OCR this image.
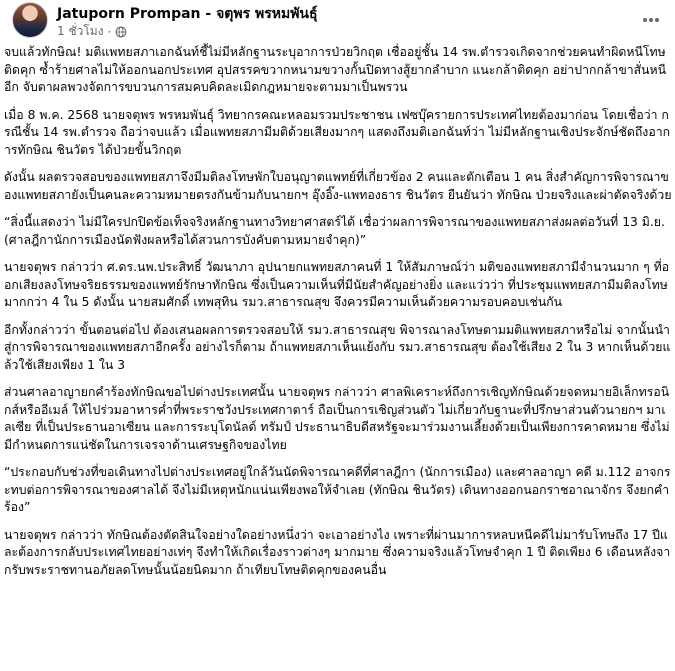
Jatuporn Prompan - จตุพร พรหมพันธุ์
1 ชั่วโมง ·

จบแล้วทักษิณ! มติแพทยสภาเอกฉันท์ชี้ไม่มีหลักฐานระบุอาการป่วยวิกฤต เชื่ออยู่ชั้น 14 รพ.ตำรวจเกิดจากช่วยคนทำผิดหนีโทษติดคุก ซ้ำร้ายศาลไม่ให้ออกนอกประเทศ อุปสรรคขวากหนามขวางกั้นปิดทางสู้ยากลำบาก แนะกล้าติดคุก อย่าปากกล้าขาสั่นหนีอีก จับตาผลพวงจัดการขบวนการสมคบคิดละเมิดกฎหมายจะตามมาเป็นพรวน

เมื่อ 8 พ.ค. 2568 นายจตุพร พรหมพันธุ์ วิทยากรคณะหลอมรวมประชาชน เฟซบุ๊ครายการประเทศไทยต้องมาก่อน โดยเชื่อว่า กรณีชั้น 14 รพ.ตำรวจ ถือว่าจบแล้ว เมื่อแพทยสภามีมติด้วยเสียงมากๆ แสดงถึงมติเอกฉันท์ว่า ไม่มีหลักฐานเชิงประจักษ์ชัดถึงอาการทักษิณ ชินวัตร ได้ป่วยขั้นวิกฤต

ดังนั้น ผลตรวจสอบของแพทยสภาจึงมีมติลงโทษพักใบอนุญาตแพทย์ที่เกี่ยวข้อง 2 คนและตักเตือน 1 คน สิ่งสำคัญการพิจารณาของแพทยสภายังเป็นคนละความหมายตรงกันข้ามกับนายกฯ อุ๊งอิ๊ง-แพทองธาร ชินวัตร ยืนยันว่า ทักษิณ ป่วยจริงและผ่าตัดจริงด้วย

“สิ่งนี้แสดงว่า ไม่มีใครปกปิดข้อเท็จจริงหลักฐานทางวิทยาศาสตร์ได้ เชื่อว่าผลการพิจารณาของแพทยสภาส่งผลต่อวันที่ 13 มิ.ย. (ศาลฎีกานักการเมืองนัดฟังผลหรือได้สวนการบังคับตามหมายจำคุก)”

นายจตุพร กล่าวว่า ศ.ดร.นพ.ประสิทธิ์ วัฒนาภา อุปนายกแพทยสภาคนที่ 1 ให้สัมภาษณ์ว่า มติของแพทยสภามีจำนวนมาก ๆ ที่ออกเสียงลงโทษจริยธรรมของแพทย์รักษาทักษิณ ซึ่งเป็นความเห็นที่มีนัยสำคัญอย่างยิ่ง และแว่วว่า ที่ประชุมแพทยสภามีมติลงโทษมากกว่า 4 ใน 5 ดังนั้น นายสมศักดิ์ เทพสุทิน รมว.สาธารณสุข จึงควรมีความเห็นด้วยความรอบคอบเช่นกัน

อีกทั้งกล่าวว่า ขั้นตอนต่อไป ต้องเสนอผลการตรวจสอบให้ รมว.สาธารณสุข พิจารณาลงโทษตามมติแพทยสภาหรือไม่ จากนั้นนำสู่การพิจารณาของแพทยสภาอีกครั้ง อย่างไรก็ตาม ถ้าแพทยสภาเห็นแย้งกับ รมว.สาธารณสุข ต้องใช้เสียง 2 ใน 3 หากเห็นด้วยแล้วใช้เสียงเพียง 1 ใน 3

ส่วนศาลอาญายกคำร้องทักษิณขอไปต่างประเทศนั้น นายจตุพร กล่าวว่า ศาลพิเคราะห์ถึงการเชิญทักษิณด้วยจดหมายอิเล็กทรอนิกส์หรืออีเมล์ ให้ไปร่วมอาหารค่ำที่พระราชวังประเทศกาตาร์ ถือเป็นการเชิญส่วนตัว ไม่เกี่ยวกับฐานะที่ปรึกษาส่วนตัวนายกฯ มาเลเซีย ที่เป็นประธานอาเซียน และการระบุโดนัลด์ ทรัมป์ ประธานาธิบดีสหรัฐจะมาร่วมงานเลี้ยงด้วยเป็นเพียงการคาดหมาย ซึ่งไม่มีกำหนดการแน่ชัดในการเจรจาด้านเศรษฐกิจของไทย

“ประกอบกับช่วงที่ขอเดินทางไปต่างประเทศอยู่ใกล้วันนัดพิจารณาคดีที่ศาลฎีกา (นักการเมือง) และศาลอาญา คดี ม.112 อาจกระทบต่อการพิจารณาของศาลได้ จึงไม่มีเหตุหนักแน่นเพียงพอให้จำเลย (ทักษิณ ชินวัตร) เดินทางออกนอกราชอาณาจักร จึงยกคำร้อง”

นายจตุพร กล่าวว่า ทักษิณต้องตัดสินใจอย่างใดอย่างหนึ่งว่า จะเอาอย่างไง เพราะที่ผ่านมาการหลบหนีคดีไม่มารับโทษถึง 17 ปีและต้องการกลับประเทศไทยอย่างเท่ๆ จึงทำให้เกิดเรื่องราวต่างๆ มากมาย ซึ่งความจริงแล้วโทษจำคุก 1 ปี ติดเพียง 6 เดือนหลังจากรับพระราชทานอภัยลดโทษนั้นน้อยนิดมาก ถ้าเทียบโทษติดคุกของคนอื่น
